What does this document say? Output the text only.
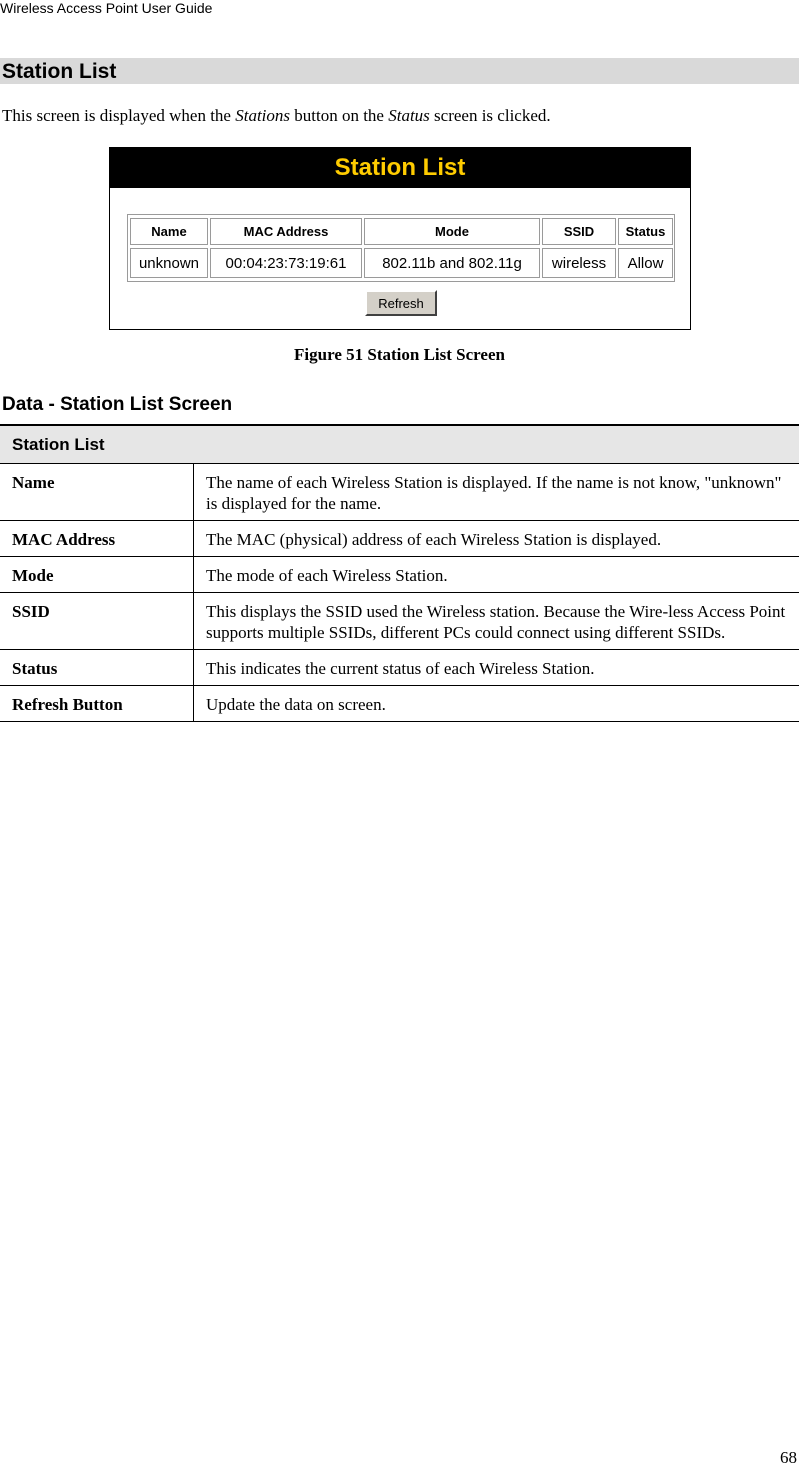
Wireless Access Point User Guide
Station List
This screen is displayed when the Stations button on the Status screen is clicked.
Station List
Name	MAC Address	Mode	SSID	Status
unknown	00:04:23:73:19:61	802.11b and 802.11g	wireless	Allow
Refresh
Figure 51 Station List Screen
Data - Station List Screen
Station List	
Name	The name of each Wireless Station is displayed. If the name is not know, "unknown" is displayed for the name.
MAC Address	The MAC (physical) address of each Wireless Station is displayed.
Mode	The mode of each Wireless Station.
SSID	This displays the SSID used the Wireless station. Because the Wire-less Access Point supports multiple SSIDs, different PCs could connect using different SSIDs.
Status	This indicates the current status of each Wireless Station.
Refresh Button	Update the data on screen.
68
